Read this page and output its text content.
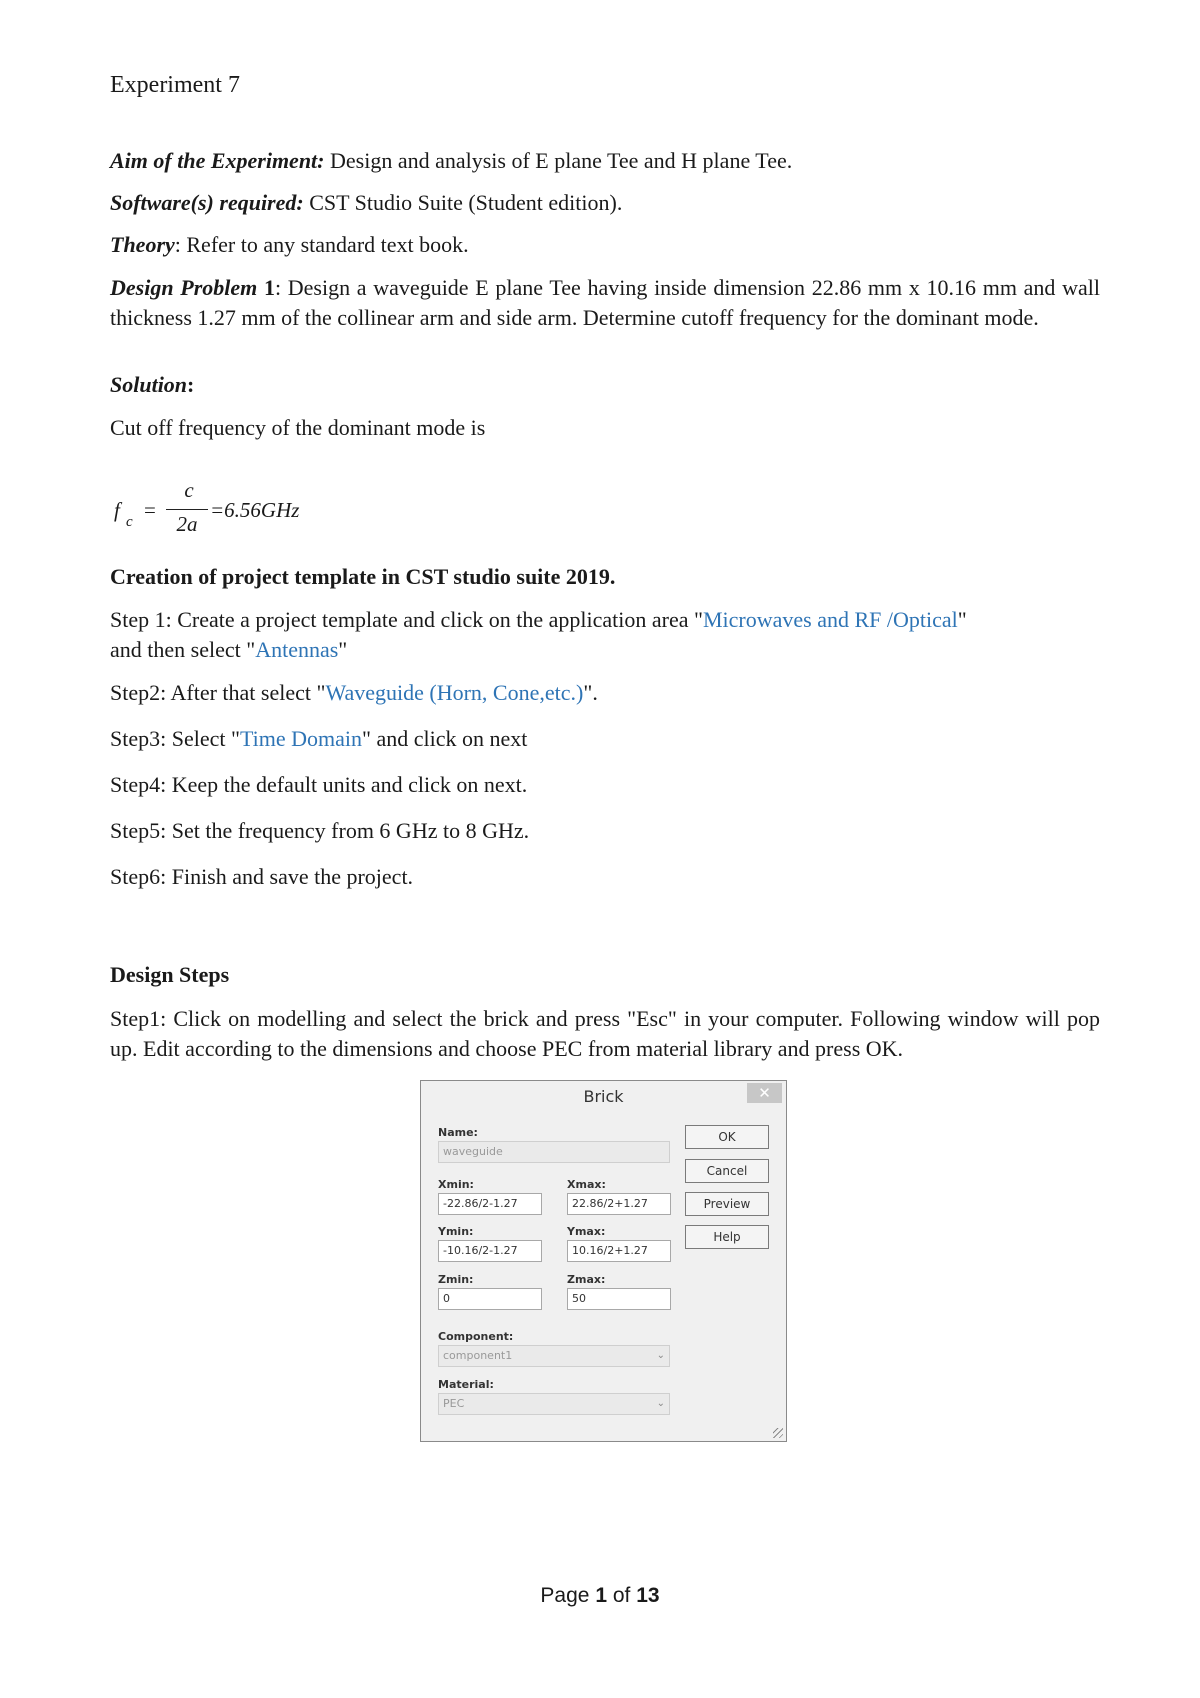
Experiment 7

Aim of the Experiment: Design and analysis of E plane Tee and H plane Tee.

Software(s) required: CST Studio Suite (Student edition).

Theory: Refer to any standard text book.

Design Problem 1: Design a waveguide E plane Tee having inside dimension 22.86 mm x 10.16 mm and wall thickness 1.27 mm of the collinear arm and side arm. Determine cutoff frequency for the dominant mode.

Solution:

Cut off frequency of the dominant mode is

f c =
c
2a
=6.56GHz

Creation of project template in CST studio suite 2019.

Step 1: Create a project template and click on the application area "Microwaves and RF /Optical"
and then select "Antennas"

Step2: After that select "Waveguide (Horn, Cone,etc.)".

Step3: Select "Time Domain" and click on next

Step4: Keep the default units and click on next.

Step5: Set the frequency from 6 GHz to 8 GHz.

Step6: Finish and save the project.

Design Steps

Step1: Click on modelling and select the brick and press "Esc" in your computer. Following window will pop up. Edit according to the dimensions and choose PEC from material library and press OK.

Brick	✕
Name:
waveguide
Xmin:
-22.86/2-1.27
Xmax:
22.86/2+1.27
Ymin:
-10.16/2-1.27
Ymax:
10.16/2+1.27
Zmin:
0
Zmax:
50
Component:
component1	⌄
Material:
PEC	⌄
OK
Cancel
Preview
Help
Page 1 of 13
